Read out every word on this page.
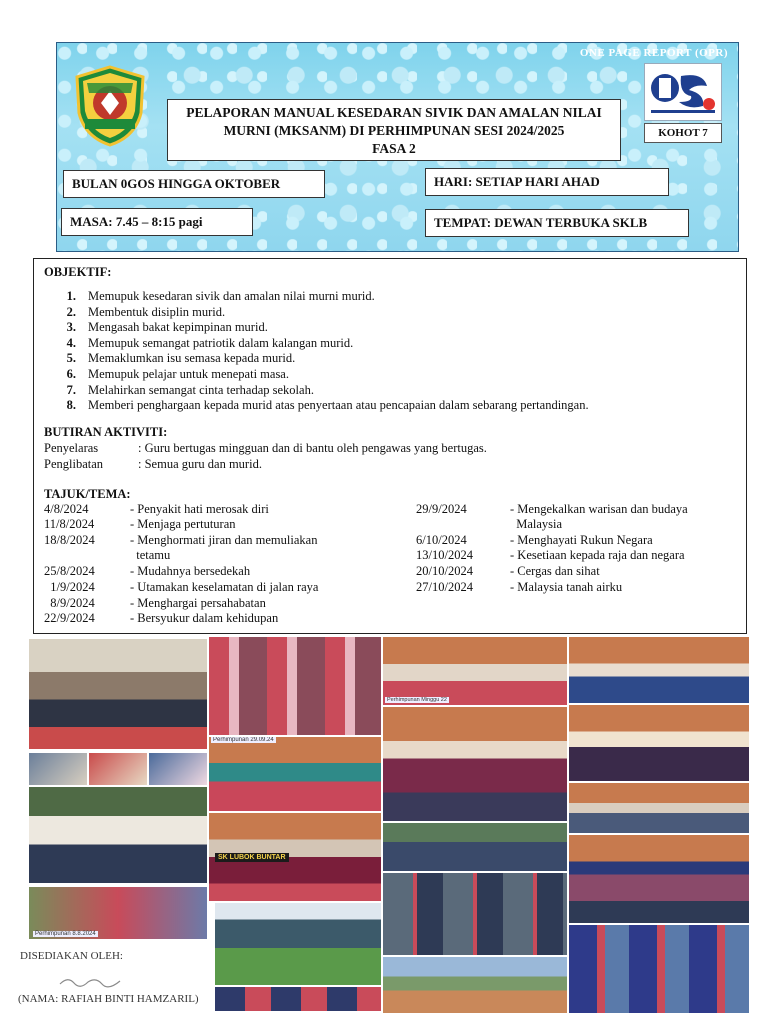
ONE PAGE REPORT (OPR)
PELAPORAN MANUAL KESEDARAN SIVIK DAN AMALAN NILAI
MURNI (MKSANM) DI PERHIMPUNAN SESI 2024/2025
FASA 2
KOHOT 7
BULAN 0GOS HINGGA OKTOBER	HARI: SETIAP HARI AHAD
MASA: 7.45 – 8:15 pagi	TEMPAT: DEWAN TERBUKA SKLB
OBJEKTIF:
1. Memupuk kesedaran sivik dan amalan nilai murni murid.
2. Membentuk disiplin murid.
3. Mengasah bakat kepimpinan murid.
4. Memupuk semangat patriotik dalam kalangan murid.
5. Memaklumkan isu semasa kepada murid.
6. Memupuk pelajar untuk menepati masa.
7. Melahirkan semangat cinta terhadap sekolah.
8. Memberi penghargaan kepada murid atas penyertaan atau pencapaian dalam sebarang pertandingan.
BUTIRAN AKTIVITI:
Penyelaras	: Guru bertugas mingguan dan di bantu oleh pengawas yang bertugas.
Penglibatan	: Semua guru dan murid.
TAJUK/TEMA:
4/8/2024	- Penyakit hati merosak diri
11/8/2024	- Menjaga pertuturan
18/8/2024	- Menghormati jiran dan memuliakan
tetamu
25/8/2024	- Mudahnya bersedekah
1/9/2024	- Utamakan keselamatan di jalan raya
8/9/2024	- Menghargai persahabatan
22/9/2024	- Bersyukur dalam kehidupan
29/9/2024	- Mengekalkan warisan dan budaya
Malaysia
6/10/2024	- Menghayati Rukun Negara
13/10/2024	- Kesetiaan kepada raja dan negara
20/10/2024	- Cergas dan sihat
27/10/2024	- Malaysia tanah airku
Perhimpunan 8.8.2024
Perhimpunan 29.09.24
SK LUBOK BUNTAR
Perhimpunan Minggu 22
DISEDIAKAN OLEH:
(NAMA: RAFIAH BINTI HAMZARIL)
